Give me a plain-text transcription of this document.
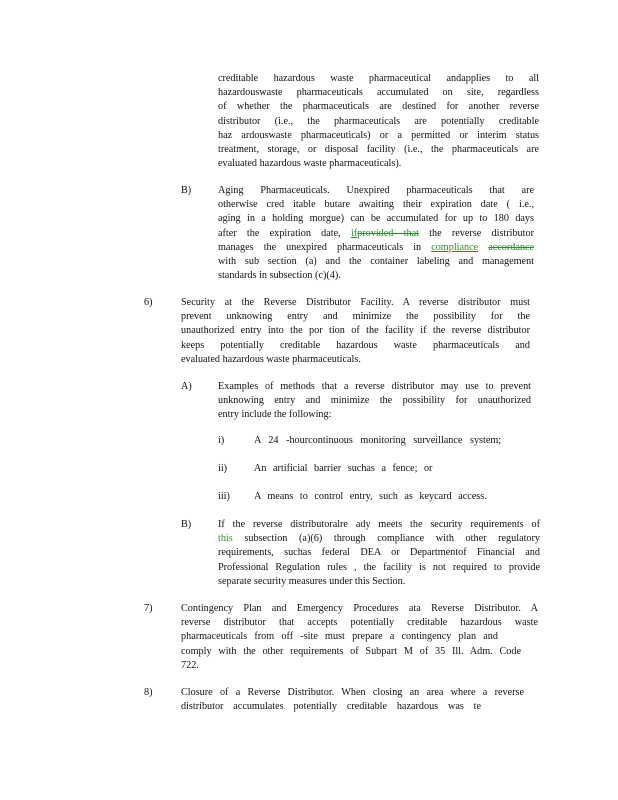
creditable hazardous waste pharmaceutical andapplies to all
hazardouswaste pharmaceuticals accumulated on site, regardless
of whether the pharmaceuticals are destined for another reverse
distributor (i.e., the pharmaceuticals are potentially creditable
haz ardouswaste pharmaceuticals) or a permitted or interim status
treatment, storage, or disposal facility (i.e., the pharmaceuticals are
evaluated hazardous waste pharmaceuticals).
B)	Aging Pharmaceuticals. Unexpired pharmaceuticals that are
otherwise cred itable butare awaiting their expiration date ( i.e.,
aging in a holding morgue) can be accumulated for up to 180 days
after the expiration date, ifprovided that the reverse distributor
manages the unexpired pharmaceuticals in compliance accordance
with sub section (a) and the container labeling and management
standards in subsection (c)(4).
6)	Security at the Reverse Distributor Facility. A reverse distributor must
prevent unknowing entry and minimize the possibility for the
unauthorized entry into the por tion of the facility if the reverse distributor
keeps potentially creditable hazardous waste pharmaceuticals and
evaluated hazardous waste pharmaceuticals.
A)	Examples of methods that a reverse distributor may use to prevent
unknowing entry and minimize the possibility for unauthorized
entry include the following:
i)	A 24 -hourcontinuous monitoring surveillance system;
ii)	An artificial barrier suchas a fence; or
iii) A means to control entry, such as keycard access.
B)	If the reverse distributoralre ady meets the security requirements of
this subsection (a)(6) through compliance with other regulatory
requirements, suchas federal DEA or Departmentof Financial and
Professional Regulation rules , the facility is not required to provide
separate security measures under this Section.
7)	Contingency Plan and Emergency Procedures ata Reverse Distributor. A
reverse distributor that accepts potentially creditable hazardous waste
pharmaceuticals from off -site must prepare a contingency plan and
comply with the other requirements of Subpart M of 35 Ill. Adm. Code
722.
8)	Closure of a Reverse Distributor. When closing an area where a reverse
distributor accumulates potentially creditable hazardous was te
